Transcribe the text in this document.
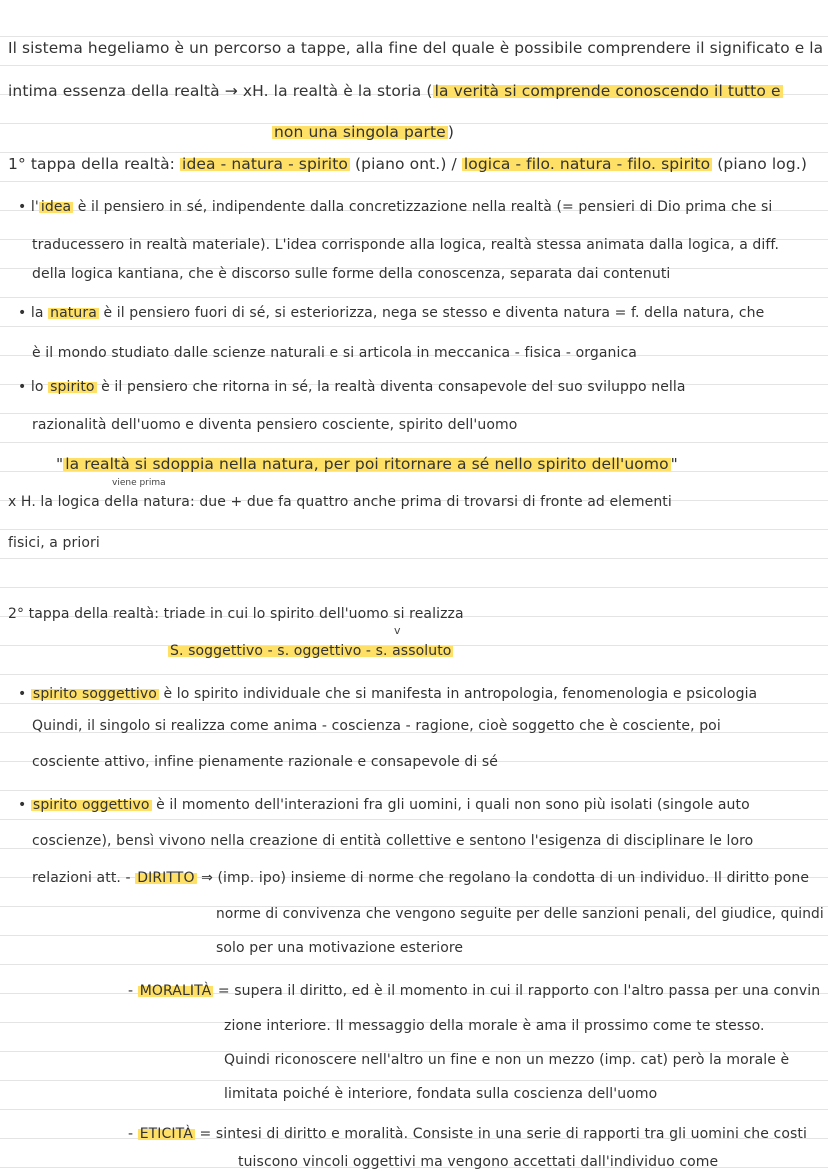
Il sistema hegeliamo è un percorso a tappe, alla fine del quale è possibile comprendere il significato e la
intima essenza della realtà → xH. la realtà è la storia ( la verità si comprende conoscendo il tutto e
non una singola parte )
1° tappa della realtà: idea - natura - spirito (piano ont.) / logica - filo. natura - filo. spirito (piano log.)
• l' idea è il pensiero in sé, indipendente dalla concretizzazione nella realtà (= pensieri di Dio prima che si
traducessero in realtà materiale). L'idea corrisponde alla logica, realtà stessa animata dalla logica, a diff.
della logica kantiana, che è discorso sulle forme della conoscenza, separata dai contenuti
• la natura è il pensiero fuori di sé, si esteriorizza, nega se stesso e diventa natura = f. della natura, che
è il mondo studiato dalle scienze naturali e si articola in meccanica - fisica - organica
• lo spirito è il pensiero che ritorna in sé, la realtà diventa consapevole del suo sviluppo nella
razionalità dell'uomo e diventa pensiero cosciente, spirito dell'uomo
" la realtà si sdoppia nella natura, per poi ritornare a sé nello spirito dell'uomo "
viene prima
x H. la logica della natura: due + due fa quattro anche prima di trovarsi di fronte ad elementi
fisici, a priori
2° tappa della realtà: triade in cui lo spirito dell'uomo si realizza
v
S. soggettivo - s. oggettivo - s. assoluto
• spirito soggettivo è lo spirito individuale che si manifesta in antropologia, fenomenologia e psicologia
Quindi, il singolo si realizza come anima - coscienza - ragione, cioè soggetto che è cosciente, poi
cosciente attivo, infine pienamente razionale e consapevole di sé
• spirito oggettivo è il momento dell'interazioni fra gli uomini, i quali non sono più isolati (singole auto
coscienze), bensì vivono nella creazione di entità collettive e sentono l'esigenza di disciplinare le loro
relazioni att. - DIRITTO ⇒ (imp. ipo) insieme di norme che regolano la condotta di un individuo. Il diritto pone
norme di convivenza che vengono seguite per delle sanzioni penali, del giudice, quindi
solo per una motivazione esteriore
- MORALITÀ = supera il diritto, ed è il momento in cui il rapporto con l'altro passa per una convin
zione interiore. Il messaggio della morale è ama il prossimo come te stesso.
Quindi riconoscere nell'altro un fine e non un mezzo (imp. cat) però la morale è
limitata poiché è interiore, fondata sulla coscienza dell'uomo
- ETICITÀ = sintesi di diritto e moralità. Consiste in una serie di rapporti tra gli uomini che costi
tuiscono vincoli oggettivi ma vengono accettati dall'individuo come
